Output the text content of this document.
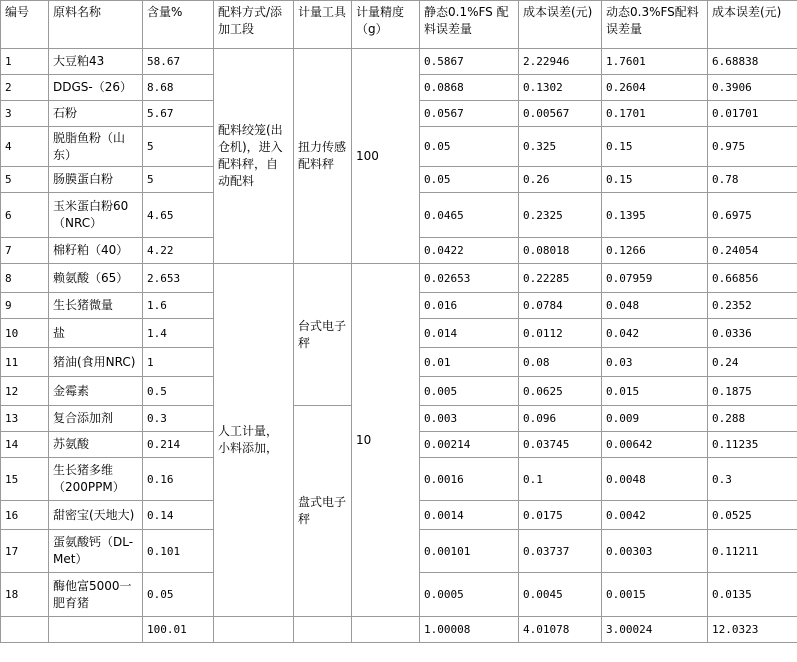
编号	原料名称	含量%	配料方式/添加工段	计量工具	计量精度（g）	静态0.1%FS 配料误差量	成本误差(元)	动态0.3%FS配料误差量	成本误差(元)
1	大豆粕43	58.67	配料绞笼(出仓机)，进入配料秤，自动配料	扭力传感配料秤	100	0.5867	2.22946	1.7601	6.68838
2	DDGS-（26）	8.68				0.0868	0.1302	0.2604	0.3906
3	石粉	5.67				0.0567	0.00567	0.1701	0.01701
4	脱脂鱼粉（山东）	5				0.05	0.325	0.15	0.975
5	肠膜蛋白粉	5				0.05	0.26	0.15	0.78
6	玉米蛋白粉60（NRC）	4.65				0.0465	0.2325	0.1395	0.6975
7	棉籽粕（40）	4.22				0.0422	0.08018	0.1266	0.24054
8	赖氨酸（65）	2.653	人工计量，小料添加，	台式电子秤	10	0.02653	0.22285	0.07959	0.66856
9	生长猪微量	1.6				0.016	0.0784	0.048	0.2352
10	盐	1.4				0.014	0.0112	0.042	0.0336
11	猪油(食用NRC)	1				0.01	0.08	0.03	0.24
12	金霉素	0.5				0.005	0.0625	0.015	0.1875
13	复合添加剂	0.3		盘式电子秤		0.003	0.096	0.009	0.288
14	苏氨酸	0.214				0.00214	0.03745	0.00642	0.11235
15	生长猪多维（200PPM）	0.16				0.0016	0.1	0.0048	0.3
16	甜密宝(天地大)	0.14				0.0014	0.0175	0.0042	0.0525
17	蛋氨酸钙（DL-Met）	0.101				0.00101	0.03737	0.00303	0.11211
18	酶他富5000一肥育猪	0.05				0.0005	0.0045	0.0015	0.0135
		100.01				1.00008	4.01078	3.00024	12.0323
